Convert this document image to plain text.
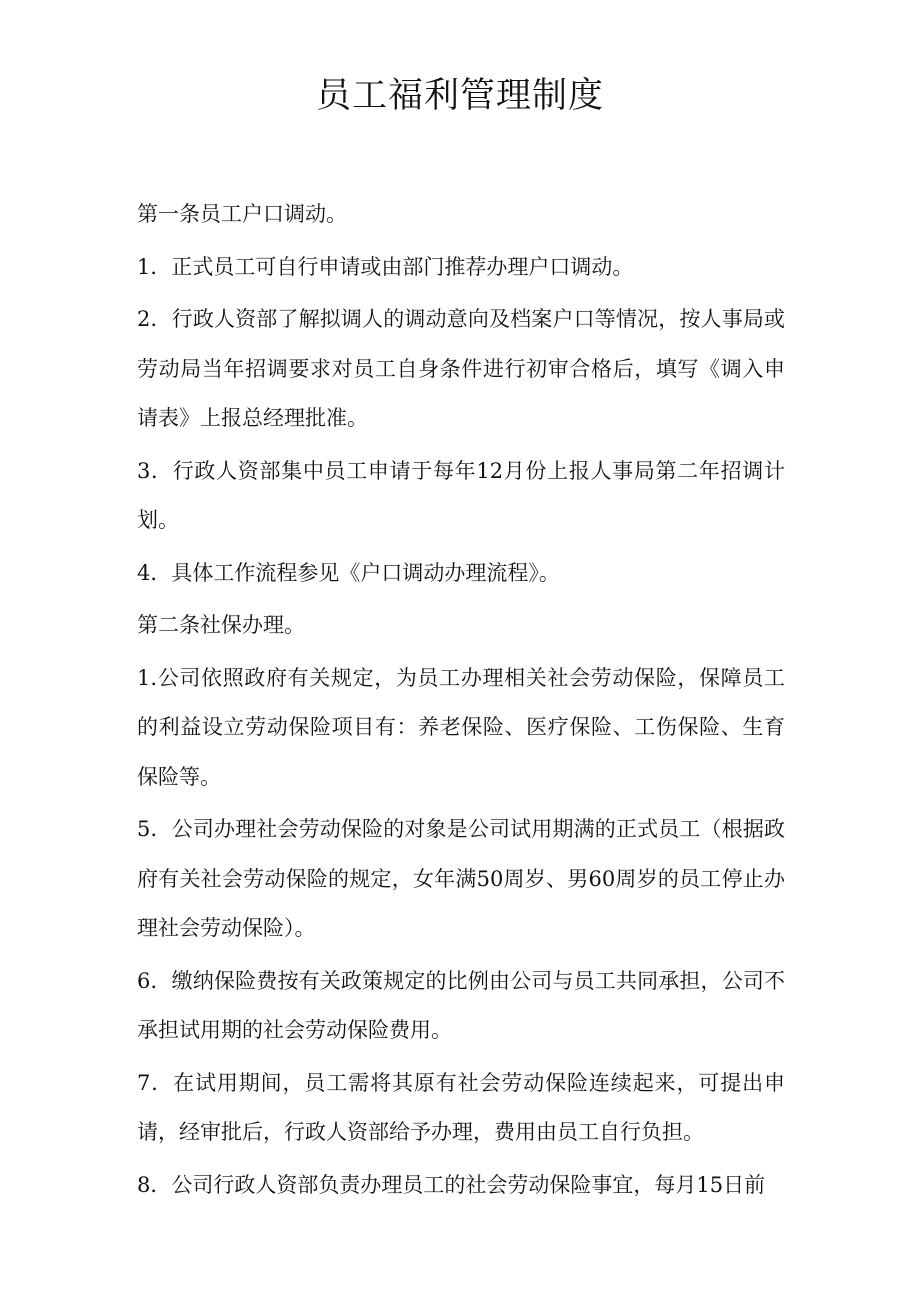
员工福利管理制度

第一条员工户口调动。

1．正式员工可自行申请或由部门推荐办理户口调动。

2．行政人资部了解拟调人的调动意向及档案户口等情况，按人事局或劳动局当年招调要求对员工自身条件进行初审合格后，填写《调入申请表》上报总经理批准。

3．行政人资部集中员工申请于每年12月份上报人事局第二年招调计划。

4．具体工作流程参见《户口调动办理流程》。

第二条社保办理。

1.公司依照政府有关规定，为员工办理相关社会劳动保险，保障员工的利益设立劳动保险项目有：养老保险、医疗保险、工伤保险、生育保险等。

5．公司办理社会劳动保险的对象是公司试用期满的正式员工（根据政府有关社会劳动保险的规定，女年满50周岁、男60周岁的员工停止办理社会劳动保险）。

6．缴纳保险费按有关政策规定的比例由公司与员工共同承担，公司不承担试用期的社会劳动保险费用。

7．在试用期间，员工需将其原有社会劳动保险连续起来，可提出申请，经审批后，行政人资部给予办理，费用由员工自行负担。

8．公司行政人资部负责办理员工的社会劳动保险事宜，每月15日前
